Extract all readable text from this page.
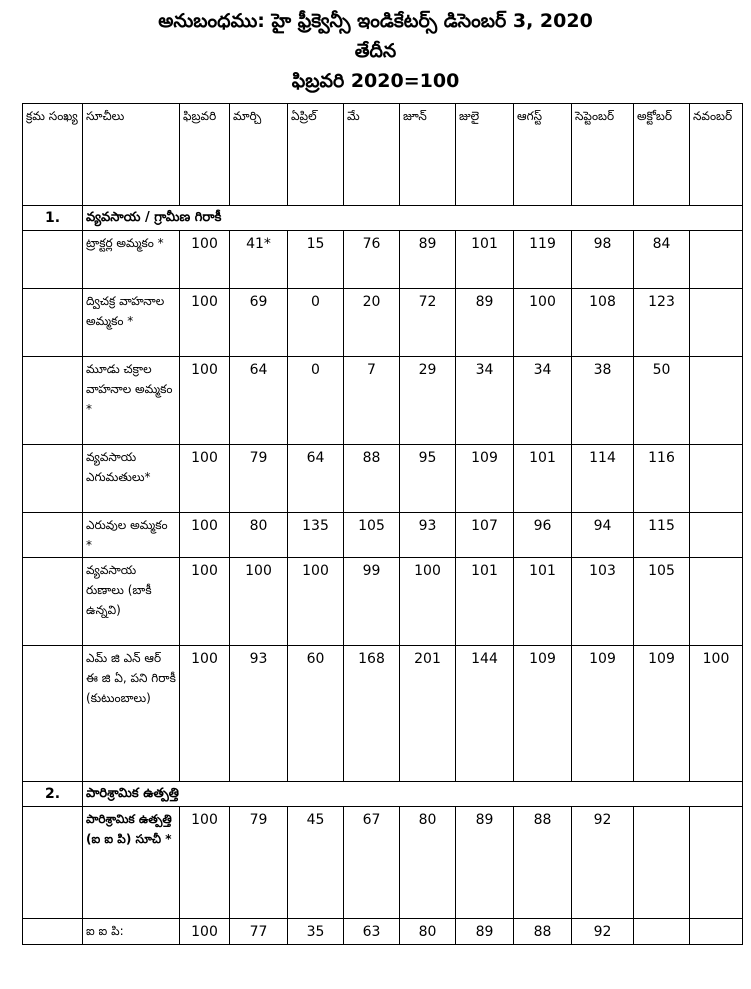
అనుబంధము: హై ఫ్రీక్వెన్సీ ఇండికేటర్స్ డిసెంబర్ 3, 2020
తేదీన
ఫిబ్రవరి 2020=100
క్రమ సంఖ్య	సూచీలు	ఫిబ్రవరి	మార్చి	ఏప్రిల్	మే	జూన్	జులై	ఆగస్ట్	సెప్టెంబర్	అక్టోబర్	నవంబర్
1.	వ్యవసాయ / గ్రామీణ గిరాకీ										
	ట్రాక్టర్ల అమ్మకం *	100	41*	15	76	89	101	119	98	84	
	ద్విచక్ర వాహనాల అమ్మకం *	100	69	0	20	72	89	100	108	123	
	మూడు చక్రాల వాహనాల అమ్మకం *	100	64	0	7	29	34	34	38	50	
	వ్యవసాయ ఎగుమతులు*	100	79	64	88	95	109	101	114	116	
	ఎరువుల అమ్మకం *	100	80	135	105	93	107	96	94	115	
	వ్యవసాయ రుణాలు (బాకీ ఉన్నవి)	100	100	100	99	100	101	101	103	105	
	ఎమ్ జి ఎన్ ఆర్ ఈ జి ఏ, పని గిరాకీ (కుటుంబాలు)	100	93	60	168	201	144	109	109	109	100
2.	పారిశ్రామిక ఉత్పత్తి										
	పారిశ్రామిక ఉత్పత్తి (ఐ ఐ పి) సూచీ *	100	79	45	67	80	89	88	92		
	ఐ ఐ పి:	100	77	35	63	80	89	88	92		
